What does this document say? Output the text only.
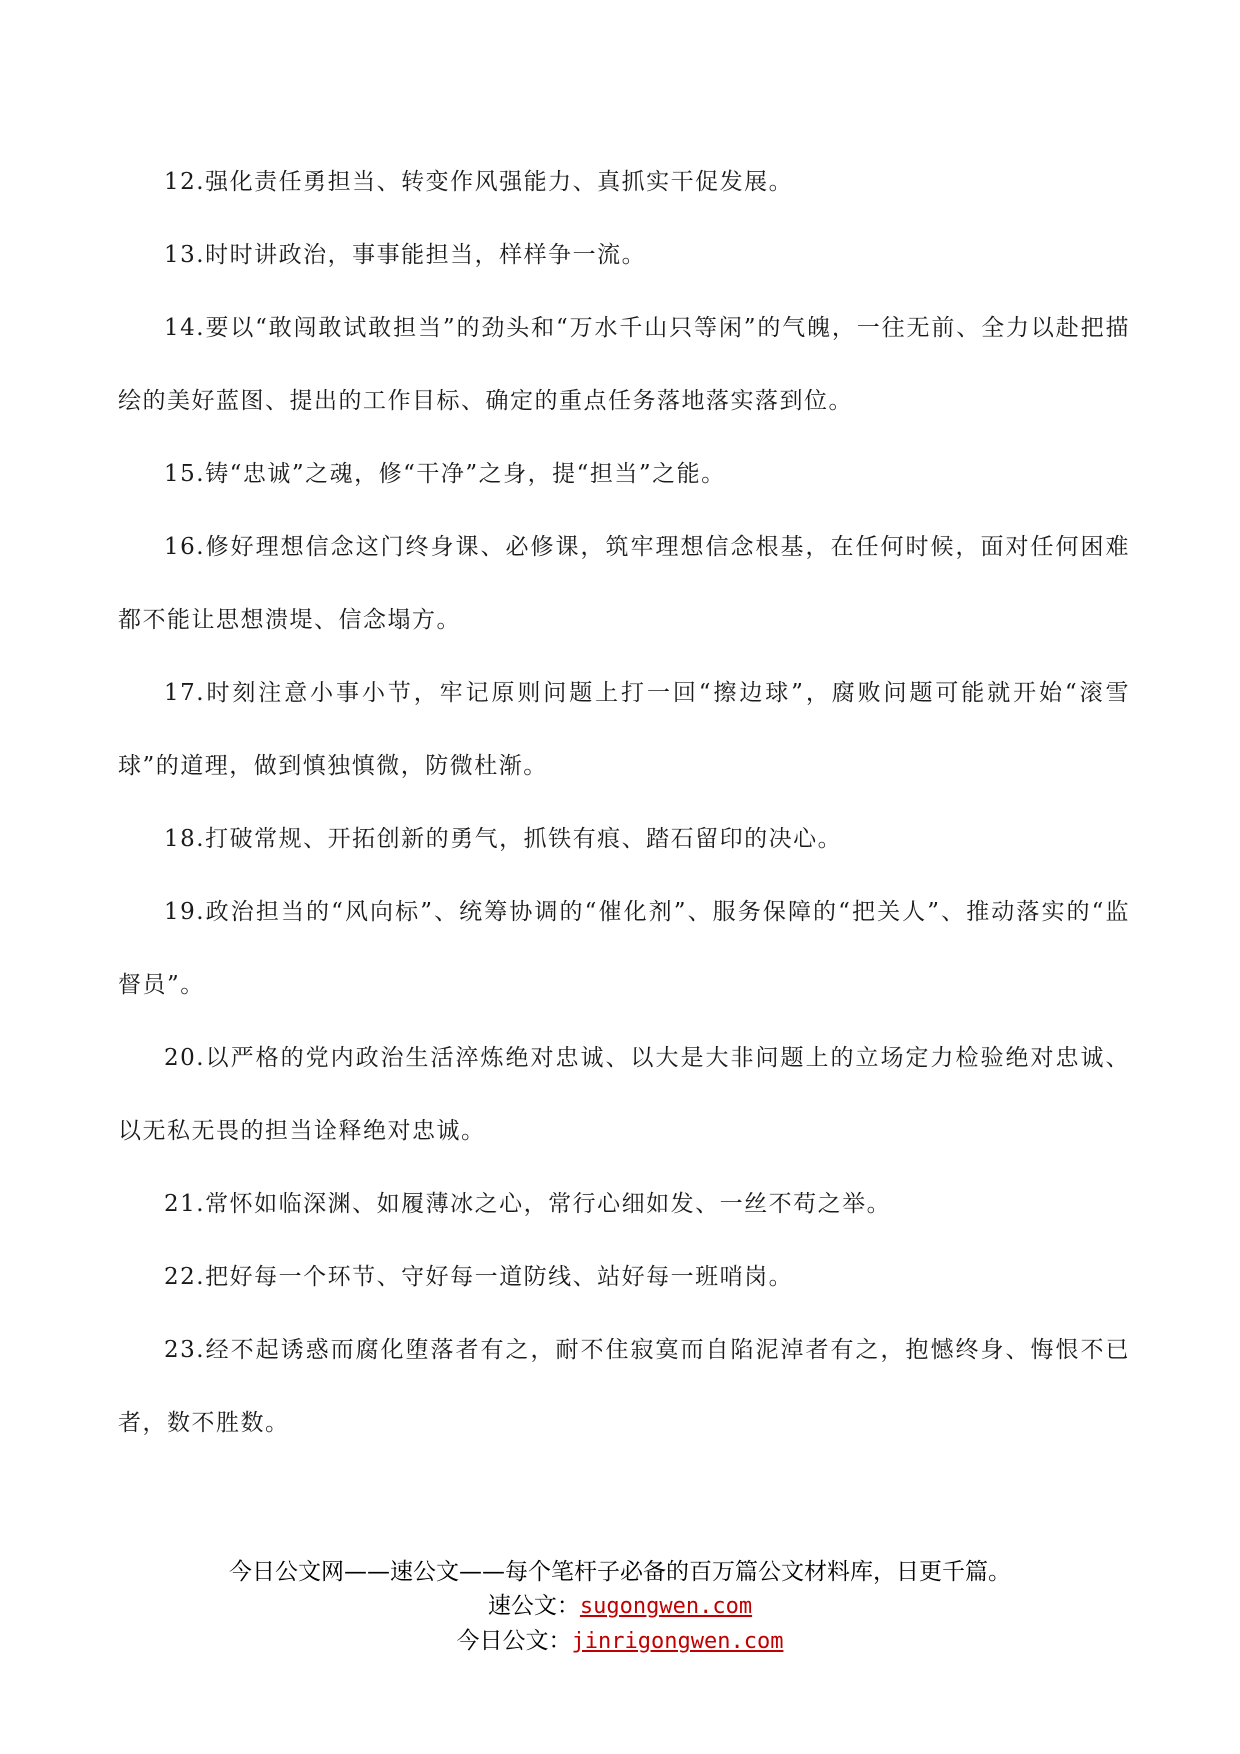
12.强化责任勇担当、转变作风强能力、真抓实干促发展。

13.时时讲政治，事事能担当，样样争一流。

14.要以“敢闯敢试敢担当”的劲头和“万水千山只等闲”的气魄，一往无前、全力以赴把描绘的美好蓝图、提出的工作目标、确定的重点任务落地落实落到位。

15.铸“忠诚”之魂，修“干净”之身，提“担当”之能。

16.修好理想信念这门终身课、必修课，筑牢理想信念根基，在任何时候，面对任何困难都不能让思想溃堤、信念塌方。

17.时刻注意小事小节，牢记原则问题上打一回“擦边球”，腐败问题可能就开始“滚雪球”的道理，做到慎独慎微，防微杜渐。

18.打破常规、开拓创新的勇气，抓铁有痕、踏石留印的决心。

19.政治担当的“风向标”、统筹协调的“催化剂”、服务保障的“把关人”、推动落实的“监督员”。

20.以严格的党内政治生活淬炼绝对忠诚、以大是大非问题上的立场定力检验绝对忠诚、以无私无畏的担当诠释绝对忠诚。

21.常怀如临深渊、如履薄冰之心，常行心细如发、一丝不苟之举。

22.把好每一个环节、守好每一道防线、站好每一班哨岗。

23.经不起诱惑而腐化堕落者有之，耐不住寂寞而自陷泥淖者有之，抱憾终身、悔恨不已者，数不胜数。

今日公文网——速公文——每个笔杆子必备的百万篇公文材料库，日更千篇。
速公文：sugongwen.com
今日公文：jinrigongwen.com
